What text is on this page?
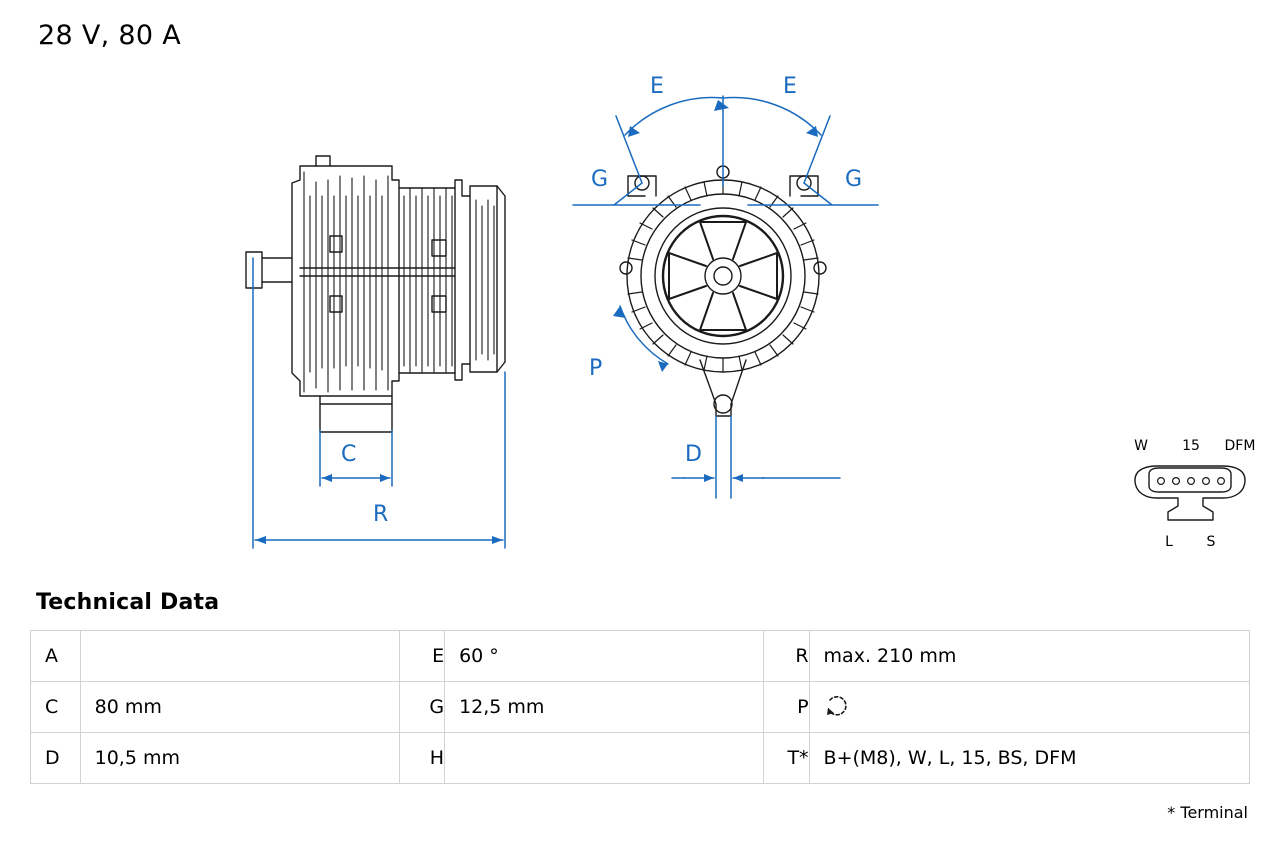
28 V, 80 A
C
R
E	E
G	G
P
D	W 15 DFM
L S
Technical Data
A		E	60 °	R	max. 210 mm
C	80 mm	G	12,5 mm	P	

D	10,5 mm	H		T*	B+(M8), W, L, 15, BS, DFM
* Terminal
